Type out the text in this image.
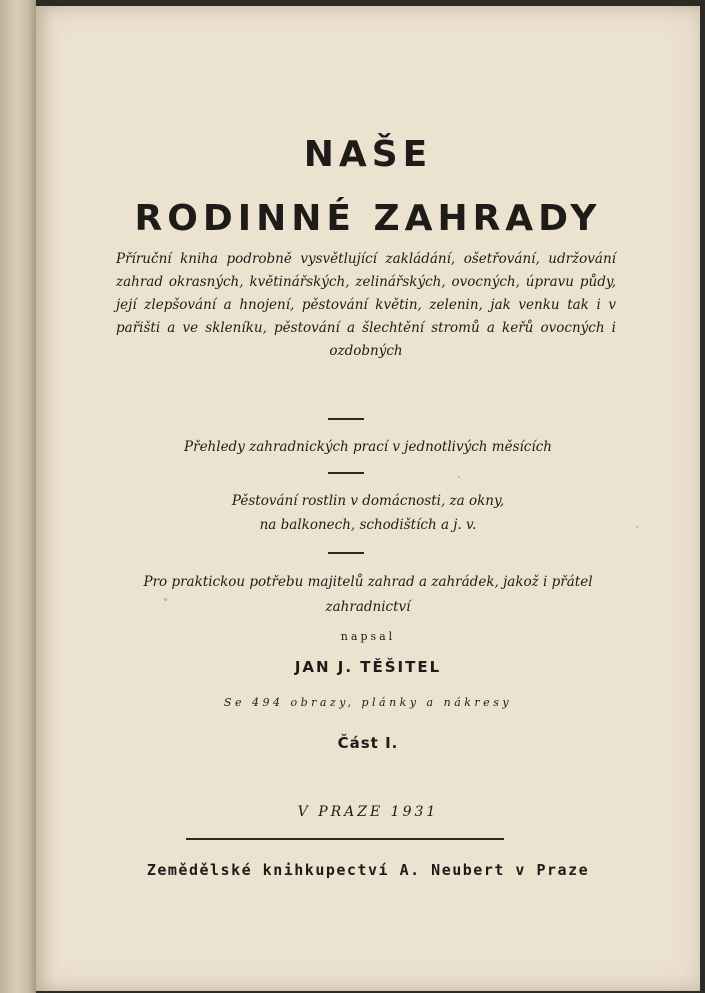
NAŠE
RODINNÉ ZAHRADY
Příruční kniha podrobně vysvětlující zakládání, ošetřování, udržování zahrad okrasných, květinářských, zelinářských, ovocných, úpravu půdy, její zlepšování a hnojení, pěstování květin, zelenin, jak venku tak i v pařišti a ve skleníku, pěstování a šlechtění stromů a keřů ovocných i ozdobných
Přehledy zahradnických prací v jednotlivých měsících
Pěstování rostlin v domácnosti, za okny,
na balkonech, schodištích a j. v.
Pro praktickou potřebu majitelů zahrad a zahrádek, jakož i přátel
zahradnictví
napsal
JAN J. TĚŠITEL
Se 494 obrazy, plánky a nákresy
Část I.
V PRAZE 1931
Zemědělské knihkupectví A. Neubert v Praze
